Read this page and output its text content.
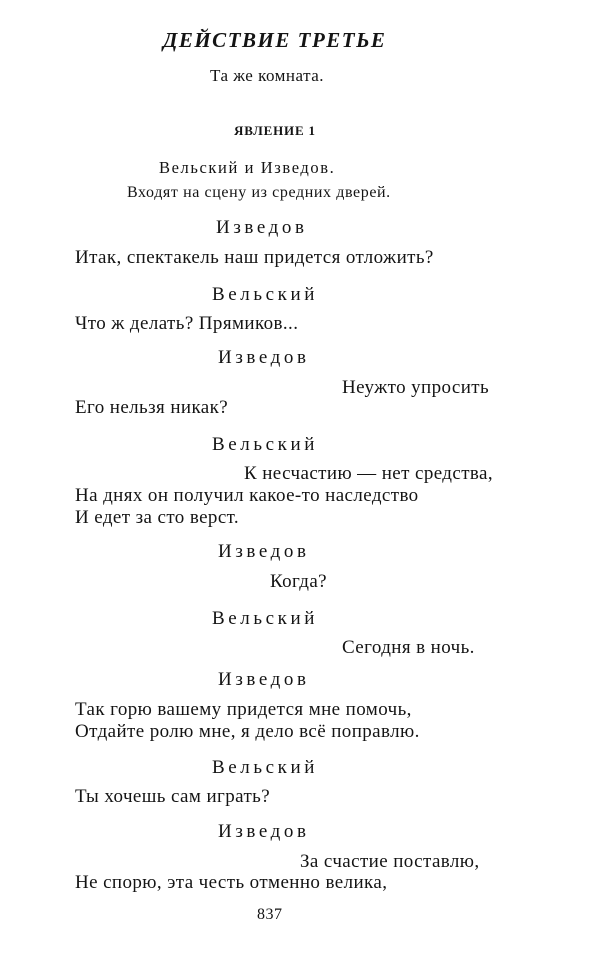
ДЕЙСТВИЕ ТРЕТЬЕ
Та же комната.
ЯВЛЕНИЕ 1
Вельский и Изведов.
Входят на сцену из средних дверей.
Изведов
Итак, спектакель наш придется отложить?
Вельский
Что ж делать? Прямиков...
Изведов
Неужто упросить
Его нельзя никак?
Вельский
К несчастию — нет средства,
На днях он получил какое-то наследство
И едет за сто верст.
Изведов
Когда?
Вельский
Сегодня в ночь.
Изведов
Так горю вашему придется мне помочь,
Отдайте ролю мне, я дело всё поправлю.
Вельский
Ты хочешь сам играть?
Изведов
За счастие поставлю,
Не спорю, эта честь отменно велика,
837
